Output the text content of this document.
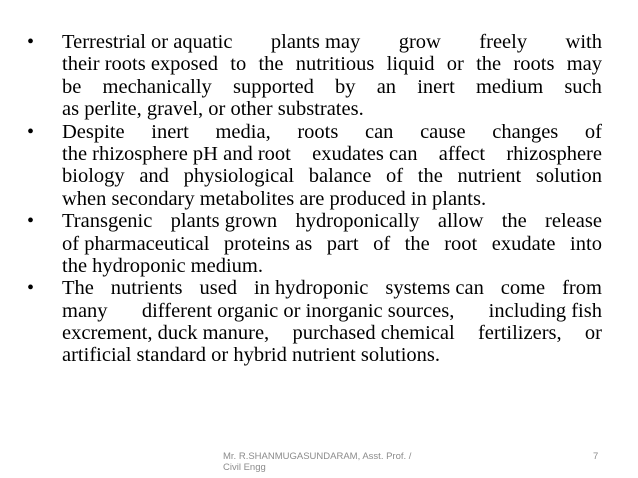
• Terrestrial or aquatic plants may grow freely with
their roots exposed to the nutritious liquid or the roots may
be mechanically supported by an inert medium such
as perlite, gravel, or other substrates.
• Despite inert media, roots can cause changes of
the rhizosphere pH and root exudates can affect rhizosphere
biology and physiological balance of the nutrient solution
when secondary metabolites are produced in plants.
• Transgenic plants grown hydroponically allow the release
of pharmaceutical proteins as part of the root exudate into
the hydroponic medium.
• The nutrients used in hydroponic systems can come from
many different organic or inorganic sources, including fish
excrement, duck manure, purchased chemical fertilizers, or
artificial standard or hybrid nutrient solutions.
Mr. R.SHANMUGASUNDARAM, Asst. Prof. /
Civil Engg
7
